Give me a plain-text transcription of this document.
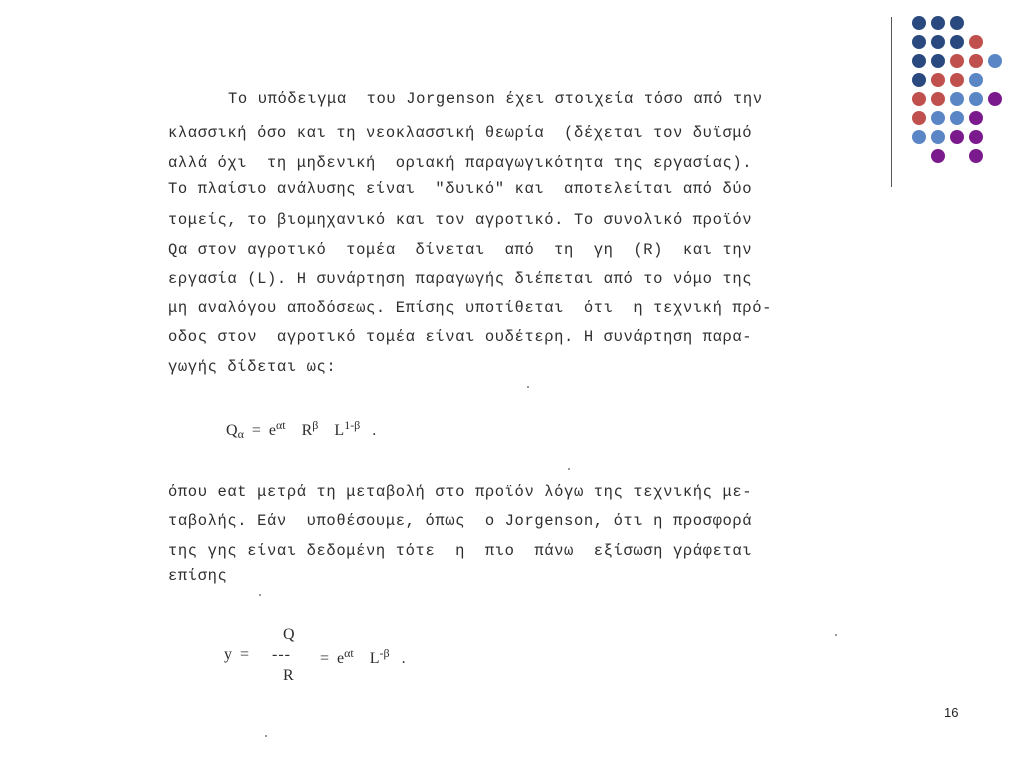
Το υπόδειγμα  του Jorgenson έχει στοιχεία τόσο από την
κλασσική όσο και τη νεοκλασσική θεωρία  (δέχεται τον δυϊσμό
αλλά όχι  τη μηδενική  οριακή παραγωγικότητα της εργασίας).
Το πλαίσιο ανάλυσης είναι  "δυικό" και  αποτελείται από δύο
τομείς, το βιομηχανικό και τον αγροτικό. Το συνολικό προϊόν
Qα στον αγροτικό  τομέα  δίνεται  από  τη  γη  (R)  και την
εργασία (L). Η συνάρτηση παραγωγής διέπεται από το νόμο της
μη αναλόγου αποδόσεως. Επίσης υποτίθεται  ότι  η τεχνική πρό-
οδος στον  αγροτικό τομέα είναι ουδέτερη. Η συνάρτηση παρα-
γωγής δίδεται ως:
$Q_\alpha = e^{\alpha t}$ $R^\beta$ $L^{1-\beta}$ .
όπου eαt μετρά τη μεταβολή στο προϊόν λόγω της τεχνικής με-
ταβολής. Εάν  υποθέσουμε, όπως  ο Jorgenson, ότι η προσφορά
της γης είναι δεδομένη τότε  η  πιο  πάνω  εξίσωση γράφεται
επίσης
y =
Q
---
R
= $e^{\alpha t}$ $L^{-\beta}$ .
16
